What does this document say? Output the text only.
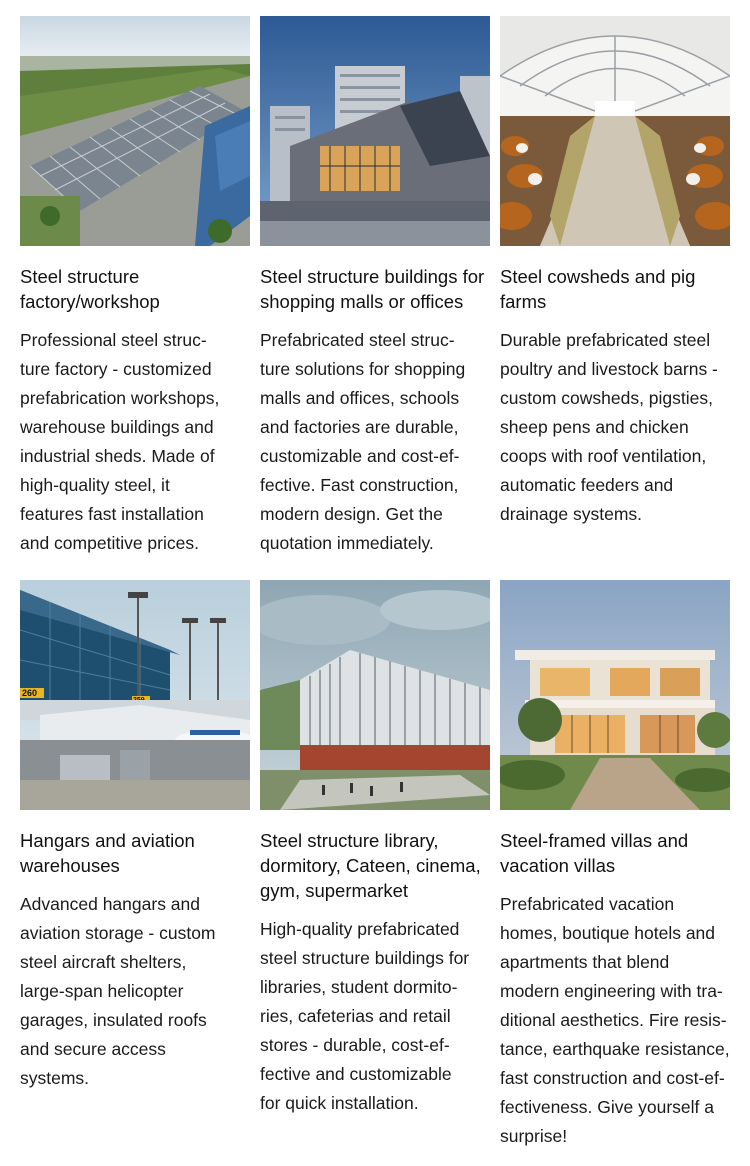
Steel structure
factory/workshop
Professional steel struc-
ture factory - customized
prefabrication workshops,
warehouse buildings and
industrial sheds. Made of
high-quality steel, it
features fast installation
and competitive prices.
Steel structure buildings for
shopping malls or offices
Prefabricated steel struc-
ture solutions for shopping
malls and offices, schools
and factories are durable,
customizable and cost-ef-
fective. Fast construction,
modern design. Get the
quotation immediately.
Steel cowsheds and pig
farms
Durable prefabricated steel
poultry and livestock barns -
custom cowsheds, pigsties,
sheep pens and chicken
coops with roof ventilation,
automatic feeders and
drainage systems.
260
Hangars and aviation
warehouses
Advanced hangars and
aviation storage - custom
steel aircraft shelters,
large-span helicopter
garages, insulated roofs
and secure access
systems.
Steel structure library,
dormitory, Cateen, cinema,
gym, supermarket
High-quality prefabricated
steel structure buildings for
libraries, student dormito-
ries, cafeterias and retail
stores - durable, cost-ef-
fective and customizable
for quick installation.
Steel-framed villas and
vacation villas
Prefabricated vacation
homes, boutique hotels and
apartments that blend
modern engineering with tra-
ditional aesthetics. Fire resis-
tance, earthquake resistance,
fast construction and cost-ef-
fectiveness. Give yourself a
surprise!
